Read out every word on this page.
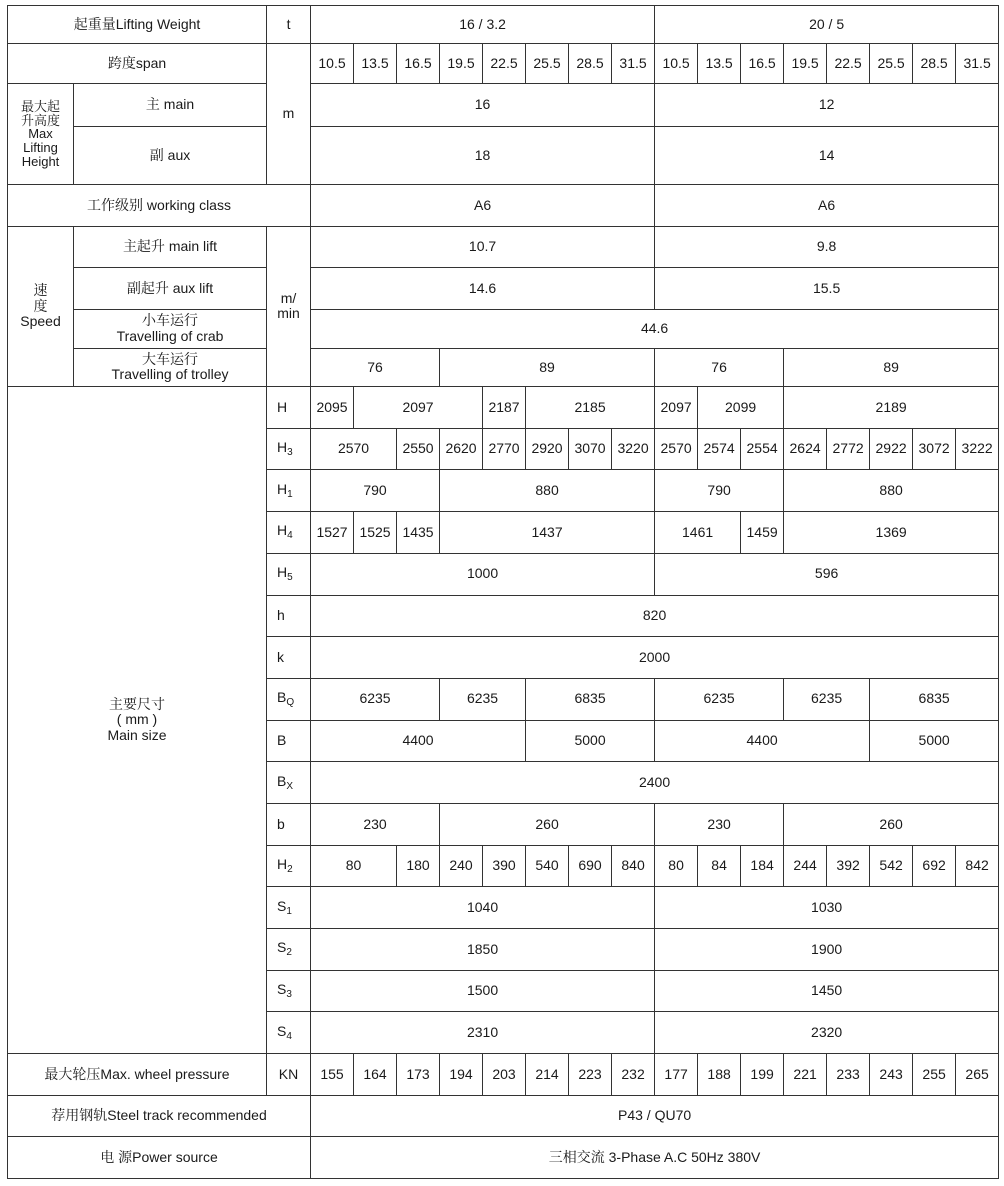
起重量Lifting Weight		t	16 / 3.2								20 / 5							
跨度span		m	10.5	13.5	16.5	19.5	22.5	25.5	28.5	31.5	10.5	13.5	16.5	19.5	22.5	25.5	28.5	31.5

最大起升高度
Max Lifting Height	主 main		16								12							
	副 aux		18								14							
工作级别 working class			A6								A6							

速度
Speed	主起升 main lift	m/ min	10.7								9.8							
	副起升 aux lift		14.6								15.5							

	小车运行
Travelling of crab		44.6															

	大车运行
Travelling of trolley		76			89					76			89				

主要尺寸
( mm )
Main size		H	2095	2097			2187	2185			2097	2099		2189				
		$H_3$	2570		2550	2620	2770	2920	3070	3220	2570	2574	2554	2624	2772	2922	3072	3222
		$H_1$	790			880					790			880				
		$H_4$	1527	1525	1435	1437					1461		1459	1369				
		$H_5$	1000								596							
		h	820															
		k	2000															
		$B_Q$	6235			6235		6835			6235			6235		6835		
		B	4400					5000			4400					5000		
		$B_X$	2400															
		b	230			260					230			260				
		$H_2$	80		180	240	390	540	690	840	80	84	184	244	392	542	692	842
		$S_1$	1040								1030							
		$S_2$	1850								1900							
		$S_3$	1500								1450							
		$S_4$	2310								2320							
最大轮压Max. wheel pressure		KN	155	164	173	194	203	214	223	232	177	188	199	221	233	243	255	265
荐用钢轨Steel track recommended			P43 / QU70															
电 源Power source			三相交流 3-Phase A.C 50Hz 380V															
